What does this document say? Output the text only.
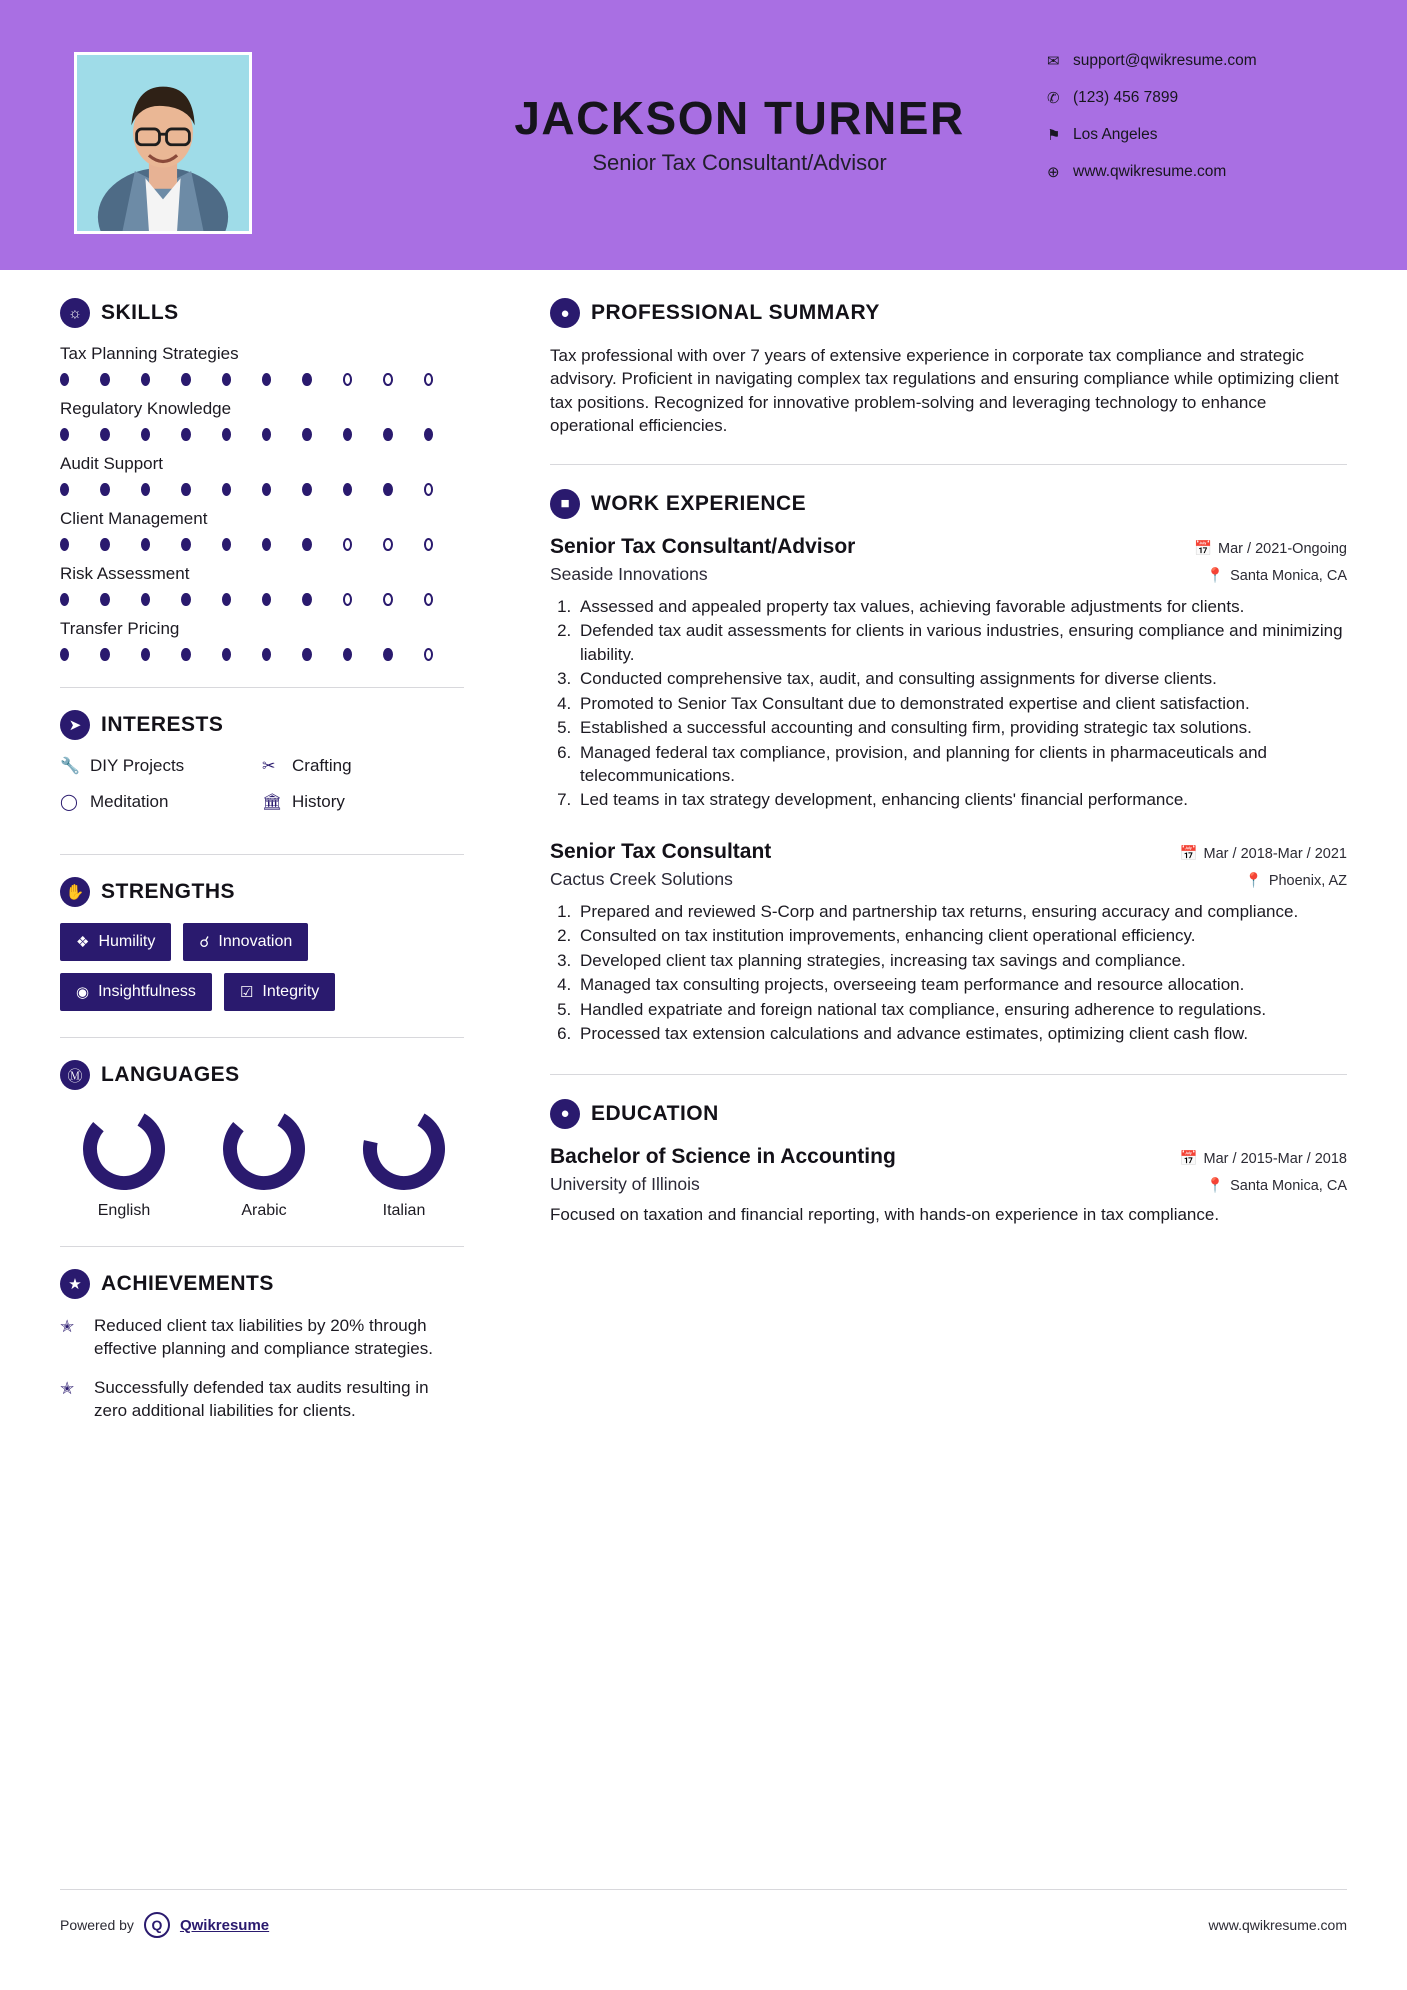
JACKSON TURNER
Senior Tax Consultant/Advisor
✉ support@qwikresume.com
✆ (123) 456 7899
⚑ Los Angeles
⊕ www.qwikresume.com
☼ SKILLS
Tax Planning Strategies
Regulatory Knowledge
Audit Support
Client Management
Risk Assessment
Transfer Pricing
➤ INTERESTS
🔧 DIY Projects	✂ Crafting
◯ Meditation	🏛 History
✋ STRENGTHS
❖ Humility	☌ Innovation
◉ Insightfulness	☑ Integrity
Ⓜ LANGUAGES
English	Arabic	Italian
★ ACHIEVEMENTS
✭	Reduced client tax liabilities by 20% through effective planning and compliance strategies.
✭	Successfully defended tax audits resulting in zero additional liabilities for clients.
●	PROFESSIONAL SUMMARY
Tax professional with over 7 years of extensive experience in corporate tax compliance and strategic advisory. Proficient in navigating complex tax regulations and ensuring compliance while optimizing client tax positions. Recognized for innovative problem-solving and leveraging technology to enhance operational efficiencies.
■	WORK EXPERIENCE
Senior Tax Consultant/Advisor	📅 Mar / 2021-Ongoing
Seaside Innovations	📍 Santa Monica, CA
1. Assessed and appealed property tax values, achieving favorable adjustments for clients.
2. Defended tax audit assessments for clients in various industries, ensuring compliance and minimizing liability.
3. Conducted comprehensive tax, audit, and consulting assignments for diverse clients.
4. Promoted to Senior Tax Consultant due to demonstrated expertise and client satisfaction.
5. Established a successful accounting and consulting firm, providing strategic tax solutions.
6. Managed federal tax compliance, provision, and planning for clients in pharmaceuticals and telecommunications.
7. Led teams in tax strategy development, enhancing clients' financial performance.
Senior Tax Consultant	📅 Mar / 2018-Mar / 2021
Cactus Creek Solutions	📍 Phoenix, AZ
1. Prepared and reviewed S-Corp and partnership tax returns, ensuring accuracy and compliance.
2. Consulted on tax institution improvements, enhancing client operational efficiency.
3. Developed client tax planning strategies, increasing tax savings and compliance.
4. Managed tax consulting projects, overseeing team performance and resource allocation.
5. Handled expatriate and foreign national tax compliance, ensuring adherence to regulations.
6. Processed tax extension calculations and advance estimates, optimizing client cash flow.
●	EDUCATION
Bachelor of Science in Accounting	📅 Mar / 2015-Mar / 2018
University of Illinois	📍 Santa Monica, CA
Focused on taxation and financial reporting, with hands-on experience in tax compliance.
Powered by	Q	Qwikresume	www.qwikresume.com
